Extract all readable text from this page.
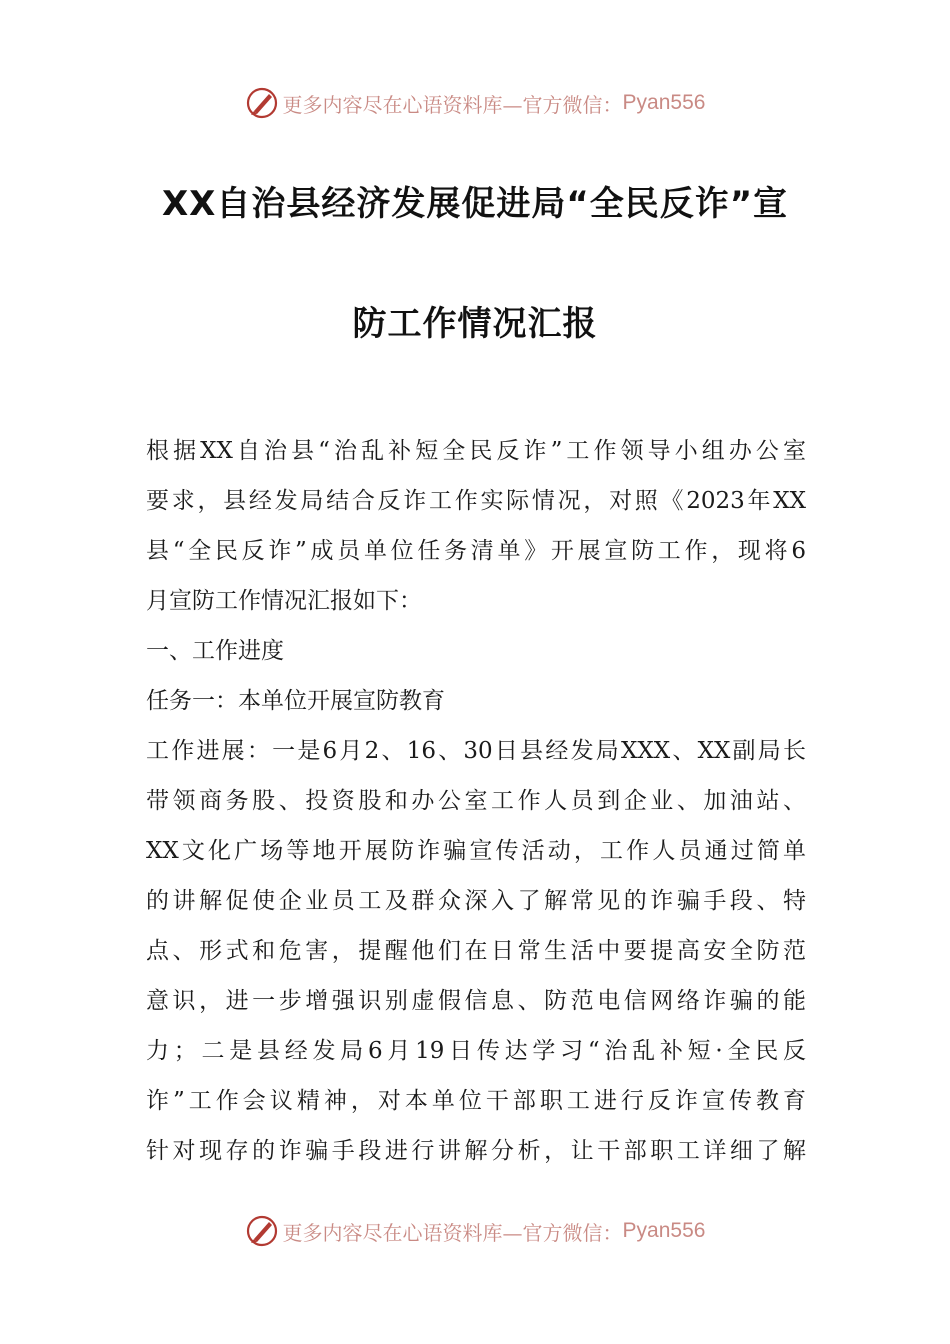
更多内容尽在心语资料库—官方微信： Pyan556
XX自治县经济发展促进局“全民反诈”宣
防工作情况汇报
根据XX自治县“治乱补短全民反诈”工作领导小组办公室
要求，县经发局结合反诈工作实际情况，对照《2023年XX
县“全民反诈”成员单位任务清单》开展宣防工作，现将6
月宣防工作情况汇报如下：
一、工作进度
任务一：本单位开展宣防教育
工作进展：一是6月2、16、30日县经发局XXX、XX副局长
带领商务股、投资股和办公室工作人员到企业、加油站、
XX文化广场等地开展防诈骗宣传活动，工作人员通过简单
的讲解促使企业员工及群众深入了解常见的诈骗手段、特
点、形式和危害，提醒他们在日常生活中要提高安全防范
意识，进一步增强识别虚假信息、防范电信网络诈骗的能
力；二是县经发局6月19日传达学习“治乱补短·全民反
诈”工作会议精神，对本单位干部职工进行反诈宣传教育
针对现存的诈骗手段进行讲解分析，让干部职工详细了解
更多内容尽在心语资料库—官方微信： Pyan556
